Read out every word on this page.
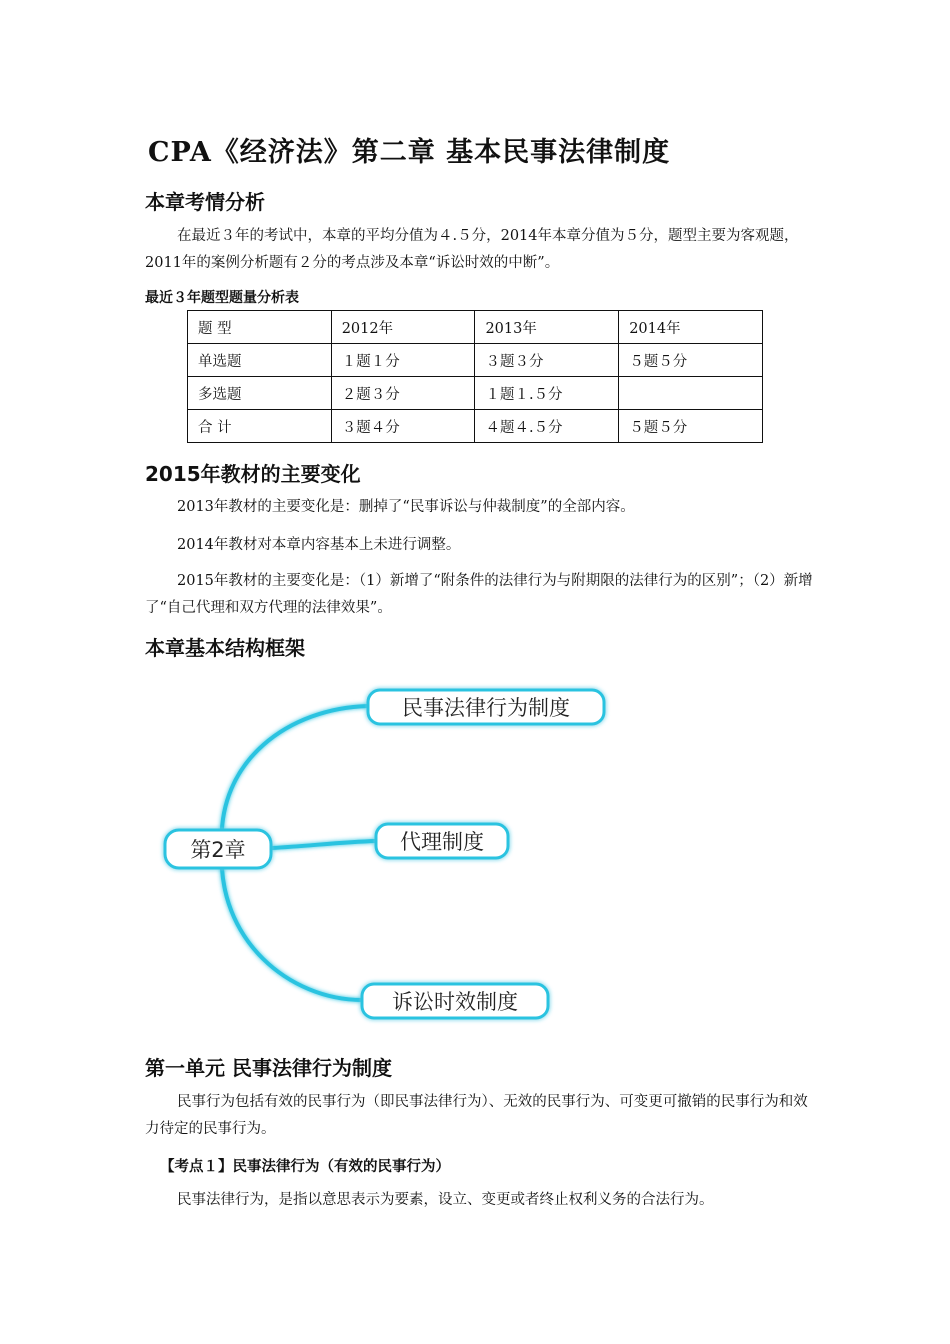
CPA《经济法》第二章 基本民事法律制度
本章考情分析
在最近３年的考试中，本章的平均分值为４.５分，2014年本章分值为５分，题型主要为客观题，2011年的案例分析题有２分的考点涉及本章“诉讼时效的中断”。
最近３年题型题量分析表
题 型	2012年	2013年	2014年
单选题	１题１分	３题３分	５题５分
多选题	２题３分	１题１.５分	
合 计	３题４分	４题４.５分	５题５分
2015年教材的主要变化
2013年教材的主要变化是：删掉了“民事诉讼与仲裁制度”的全部内容。
2014年教材对本章内容基本上未进行调整。
2015年教材的主要变化是：（1）新增了“附条件的法律行为与附期限的法律行为的区别”；（2）新增了“自己代理和双方代理的法律效果”。
本章基本结构框架
第2章
民事法律行为制度
代理制度
诉讼时效制度
第一单元 民事法律行为制度
民事行为包括有效的民事行为（即民事法律行为）、无效的民事行为、可变更可撤销的民事行为和效力待定的民事行为。
【考点１】民事法律行为（有效的民事行为）
民事法律行为，是指以意思表示为要素，设立、变更或者终止权利义务的合法行为。
